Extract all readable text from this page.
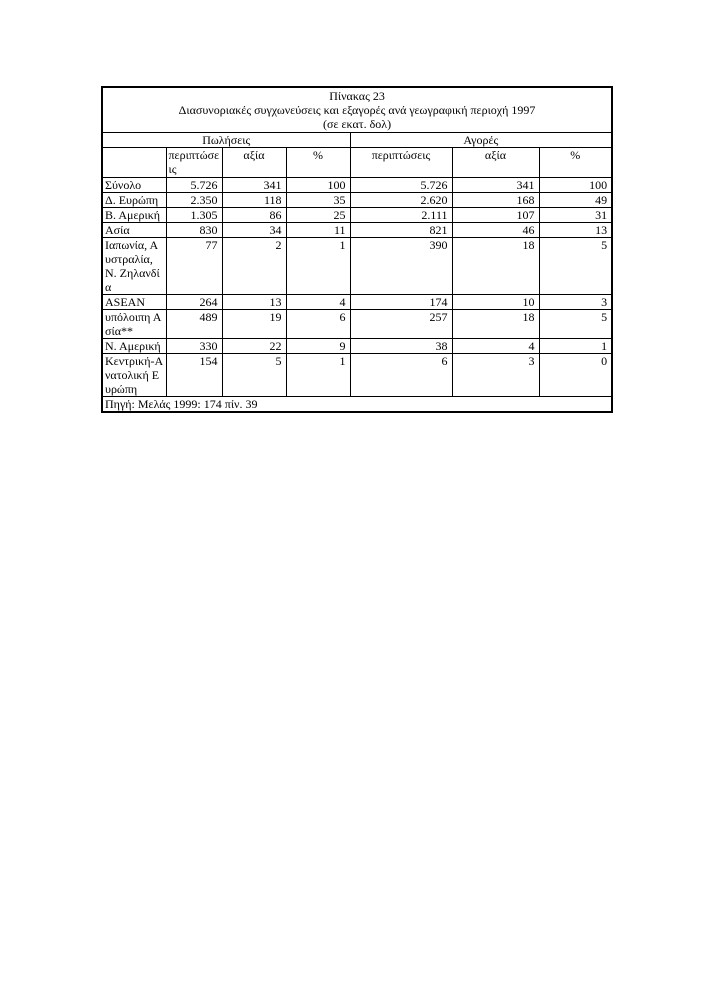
Πίνακας 23
Διασυνοριακές συγχωνεύσεις και εξαγορές ανά γεωγραφική περιοχή 1997
(σε εκατ. δολ)						

Πωλήσεις				Αγορές		
	περιπτώσεις	αξία	%	περιπτώσεις	αξία	%
Σύνολο	5.726	341	100	5.726	341	100
Δ. Ευρώπη	2.350	118	35	2.620	168	49
Β. Αμερική	1.305	86	25	2.111	107	31
Ασία	830	34	11	821	46	13
Ιαπωνία, Αυστραλία, Ν. Ζηλανδία	77	2	1	390	18	5
ASEAN	264	13	4	174	10	3
υπόλοιπη Ασία**	489	19	6	257	18	5
Ν. Αμερική	330	22	9	38	4	1
Κεντρική-Ανατολική Ευρώπη	154	5	1	6	3	0
Πηγή: Μελάς 1999: 174 πίν. 39						
